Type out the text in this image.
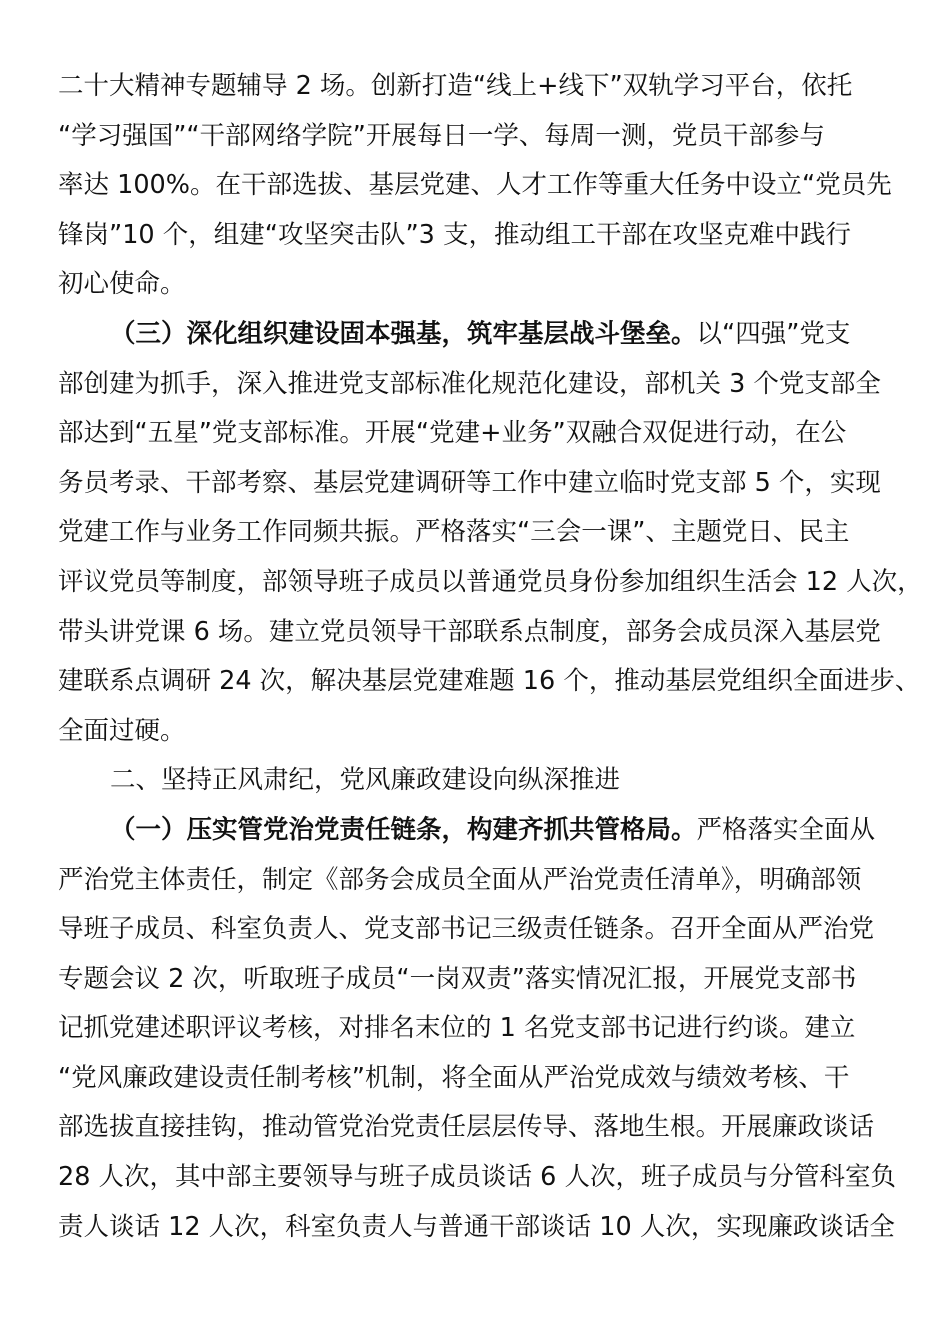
二十大精神专题辅导 2 场。创新打造“线上+线下”双轨学习平台，依托
“学习强国”“干部网络学院”开展每日一学、每周一测，党员干部参与
率达 100%。在干部选拔、基层党建、人才工作等重大任务中设立“党员先
锋岗”10 个，组建“攻坚突击队”3 支，推动组工干部在攻坚克难中践行
初心使命。
（三）深化组织建设固本强基，筑牢基层战斗堡垒。以“四强”党支
部创建为抓手，深入推进党支部标准化规范化建设，部机关 3 个党支部全
部达到“五星”党支部标准。开展“党建+业务”双融合双促进行动，在公
务员考录、干部考察、基层党建调研等工作中建立临时党支部 5 个，实现
党建工作与业务工作同频共振。严格落实“三会一课”、主题党日、民主
评议党员等制度，部领导班子成员以普通党员身份参加组织生活会 12 人次，
带头讲党课 6 场。建立党员领导干部联系点制度，部务会成员深入基层党
建联系点调研 24 次，解决基层党建难题 16 个，推动基层党组织全面进步、
全面过硬。
二、坚持正风肃纪，党风廉政建设向纵深推进
（一）压实管党治党责任链条，构建齐抓共管格局。严格落实全面从
严治党主体责任，制定《部务会成员全面从严治党责任清单》，明确部领
导班子成员、科室负责人、党支部书记三级责任链条。召开全面从严治党
专题会议 2 次，听取班子成员“一岗双责”落实情况汇报，开展党支部书
记抓党建述职评议考核，对排名末位的 1 名党支部书记进行约谈。建立
“党风廉政建设责任制考核”机制，将全面从严治党成效与绩效考核、干
部选拔直接挂钩，推动管党治党责任层层传导、落地生根。开展廉政谈话
28 人次，其中部主要领导与班子成员谈话 6 人次，班子成员与分管科室负
责人谈话 12 人次，科室负责人与普通干部谈话 10 人次，实现廉政谈话全
